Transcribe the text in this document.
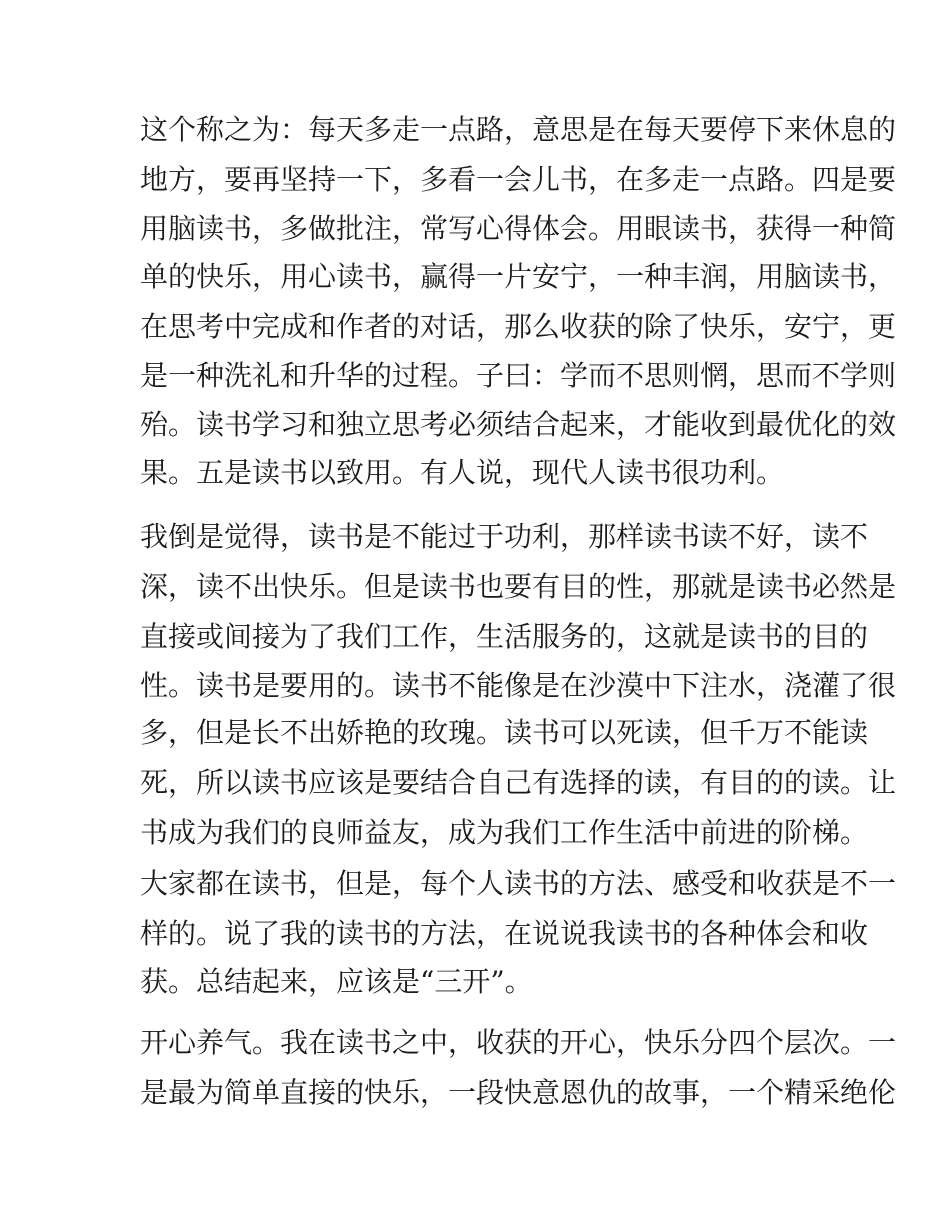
这个称之为：每天多走一点路，意思是在每天要停下来休息的
地方，要再坚持一下，多看一会儿书，在多走一点路。四是要
用脑读书，多做批注，常写心得体会。用眼读书，获得一种简
单的快乐，用心读书，赢得一片安宁，一种丰润，用脑读书，
在思考中完成和作者的对话，那么收获的除了快乐，安宁，更
是一种洗礼和升华的过程。子曰：学而不思则惘，思而不学则
殆。读书学习和独立思考必须结合起来，才能收到最优化的效
果。五是读书以致用。有人说，现代人读书很功利。
我倒是觉得，读书是不能过于功利，那样读书读不好，读不
深，读不出快乐。但是读书也要有目的性，那就是读书必然是
直接或间接为了我们工作，生活服务的，这就是读书的目的
性。读书是要用的。读书不能像是在沙漠中下注水，浇灌了很
多，但是长不出娇艳的玫瑰。读书可以死读，但千万不能读
死，所以读书应该是要结合自己有选择的读，有目的的读。让
书成为我们的良师益友，成为我们工作生活中前进的阶梯。
大家都在读书，但是，每个人读书的方法、感受和收获是不一
样的。说了我的读书的方法，在说说我读书的各种体会和收
获。总结起来，应该是“三开”。
开心养气。我在读书之中，收获的开心，快乐分四个层次。一
是最为简单直接的快乐，一段快意恩仇的故事，一个精采绝伦
